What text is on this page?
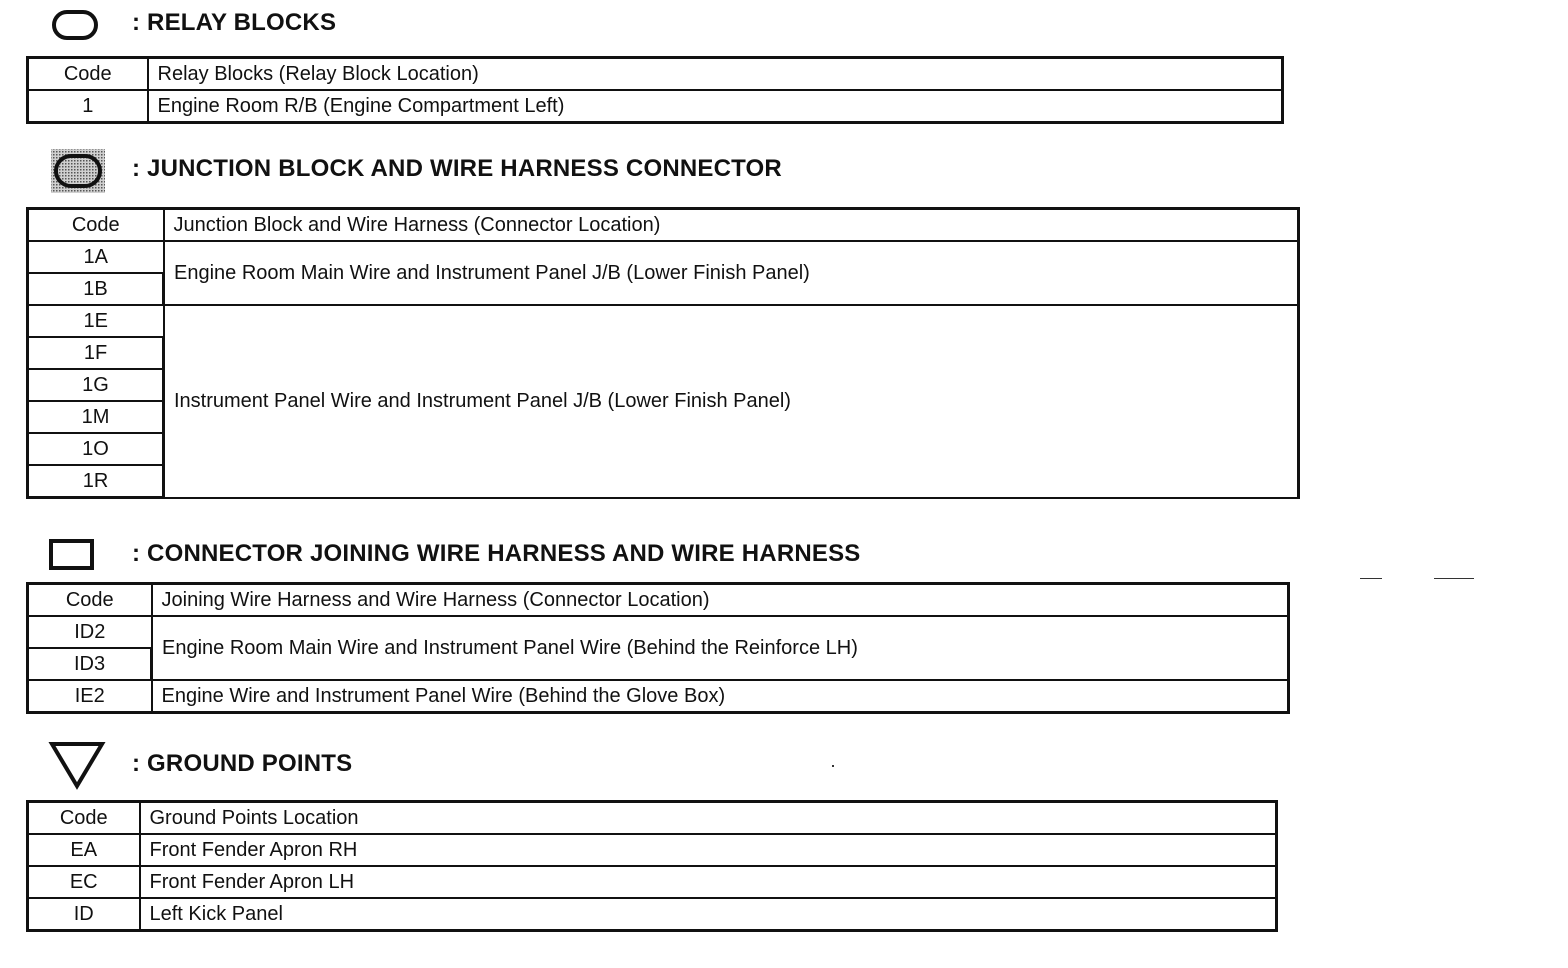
: RELAY BLOCKS
Code	Relay Blocks (Relay Block Location)
1	Engine Room R/B (Engine Compartment Left)
: JUNCTION BLOCK AND WIRE HARNESS CONNECTOR
Code	Junction Block and Wire Harness (Connector Location)
1A	Engine Room Main Wire and Instrument Panel J/B (Lower Finish Panel)
1B	
1E	Instrument Panel Wire and Instrument Panel J/B (Lower Finish Panel)
1F	
1G	
1M	
1O	
1R	
: CONNECTOR JOINING WIRE HARNESS AND WIRE HARNESS
Code	Joining Wire Harness and Wire Harness (Connector Location)
ID2	Engine Room Main Wire and Instrument Panel Wire (Behind the Reinforce LH)
ID3	
IE2	Engine Wire and Instrument Panel Wire (Behind the Glove Box)
: GROUND POINTS
Code	Ground Points Location
EA	Front Fender Apron RH
EC	Front Fender Apron LH
ID	Left Kick Panel
